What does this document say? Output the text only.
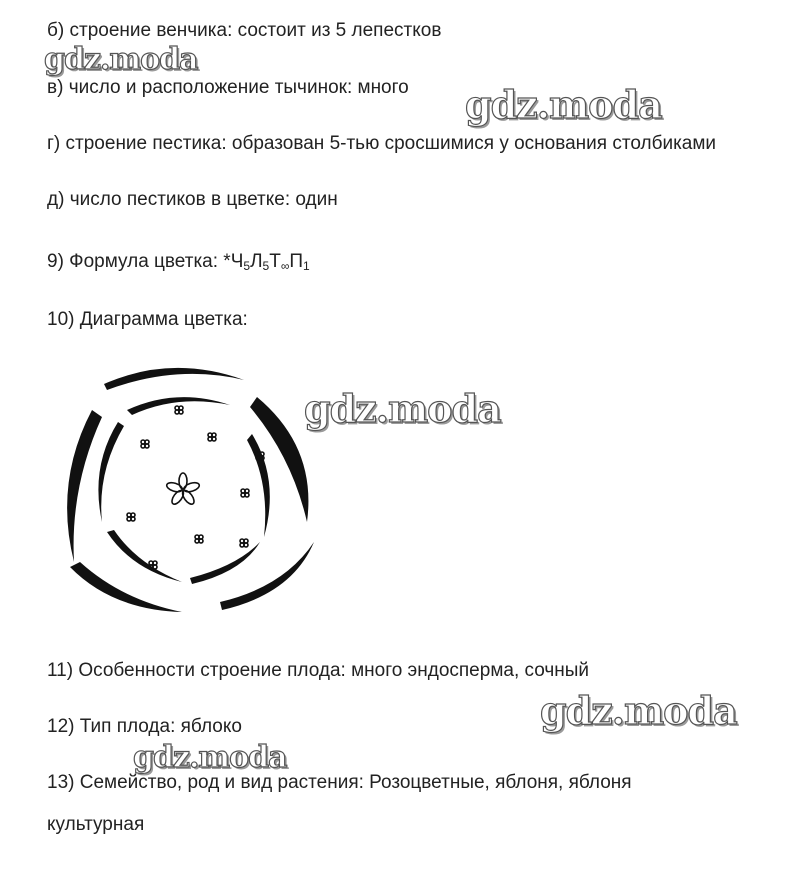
б) строение венчика: состоит из 5 лепестков
в) число и расположение тычинок: много
г) строение пестика: образован 5-тью сросшимися у основания столбиками
д) число пестиков в цветке: один
9) Формула цветка: $*Ч_5Л_5Т_\infty П_1$
10) Диаграмма цветка:
11) Особенности строение плода: много эндосперма, сочный
12) Тип плода: яблоко
13) Семейство, род и вид растения: Розоцветные, яблоня, яблоня
культурная
gdz.moda
gdz.moda
gdz.moda
gdz.moda
gdz.moda
